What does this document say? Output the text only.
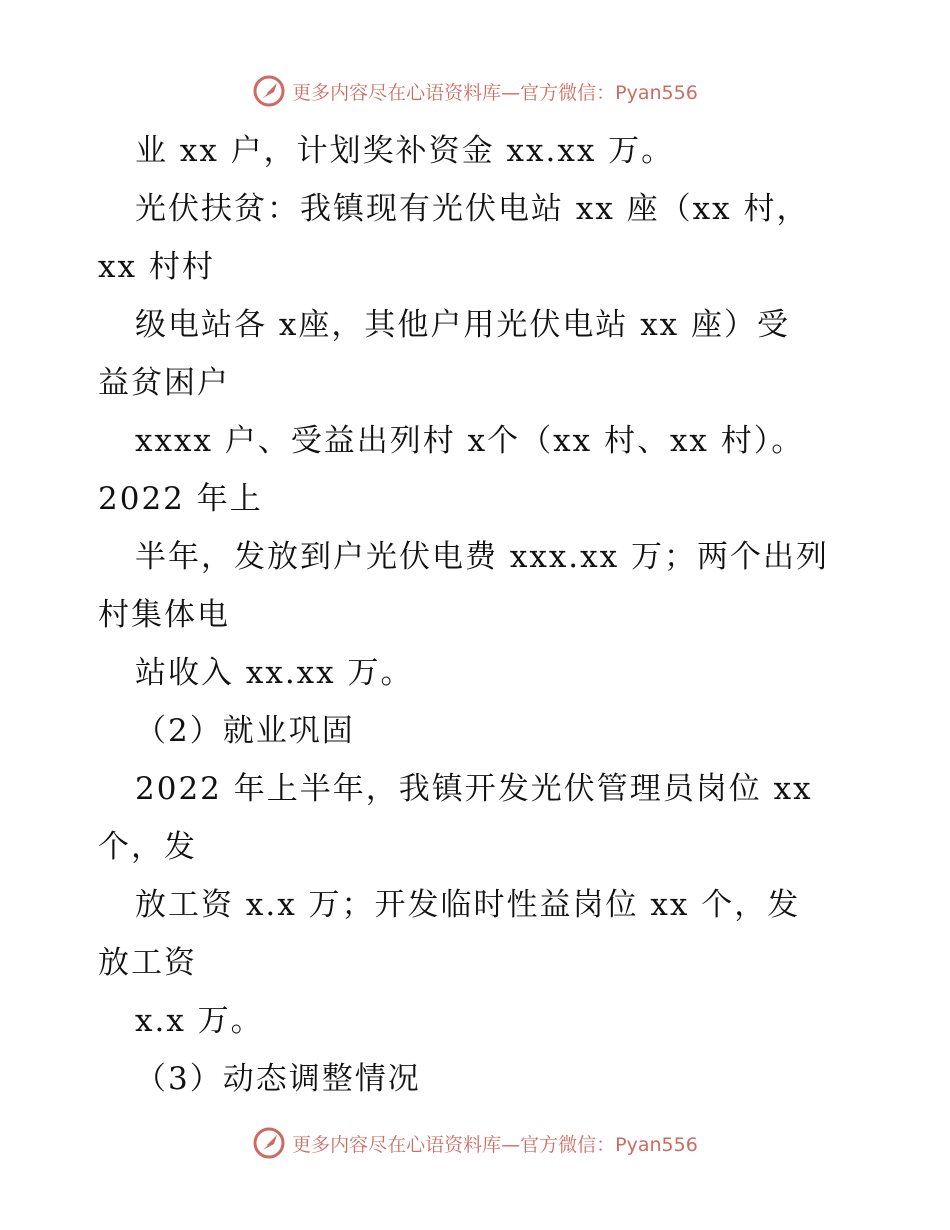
更多内容尽在心语资料库—官方微信：Pyan556
业 xx 户，计划奖补资金 xx.xx 万。
光伏扶贫：我镇现有光伏电站 xx 座（xx 村，
xx 村村
级电站各 x座，其他户用光伏电站 xx 座）受
益贫困户
xxxx 户、受益出列村 x个（xx 村、xx 村）。
2022 年上
半年，发放到户光伏电费 xxx.xx 万；两个出列
村集体电
站收入 xx.xx 万。
（2）就业巩固
2022 年上半年，我镇开发光伏管理员岗位 xx
个，发
放工资 x.x 万；开发临时性益岗位 xx 个，发
放工资
x.x 万。
（3）动态调整情况
更多内容尽在心语资料库—官方微信：Pyan556
